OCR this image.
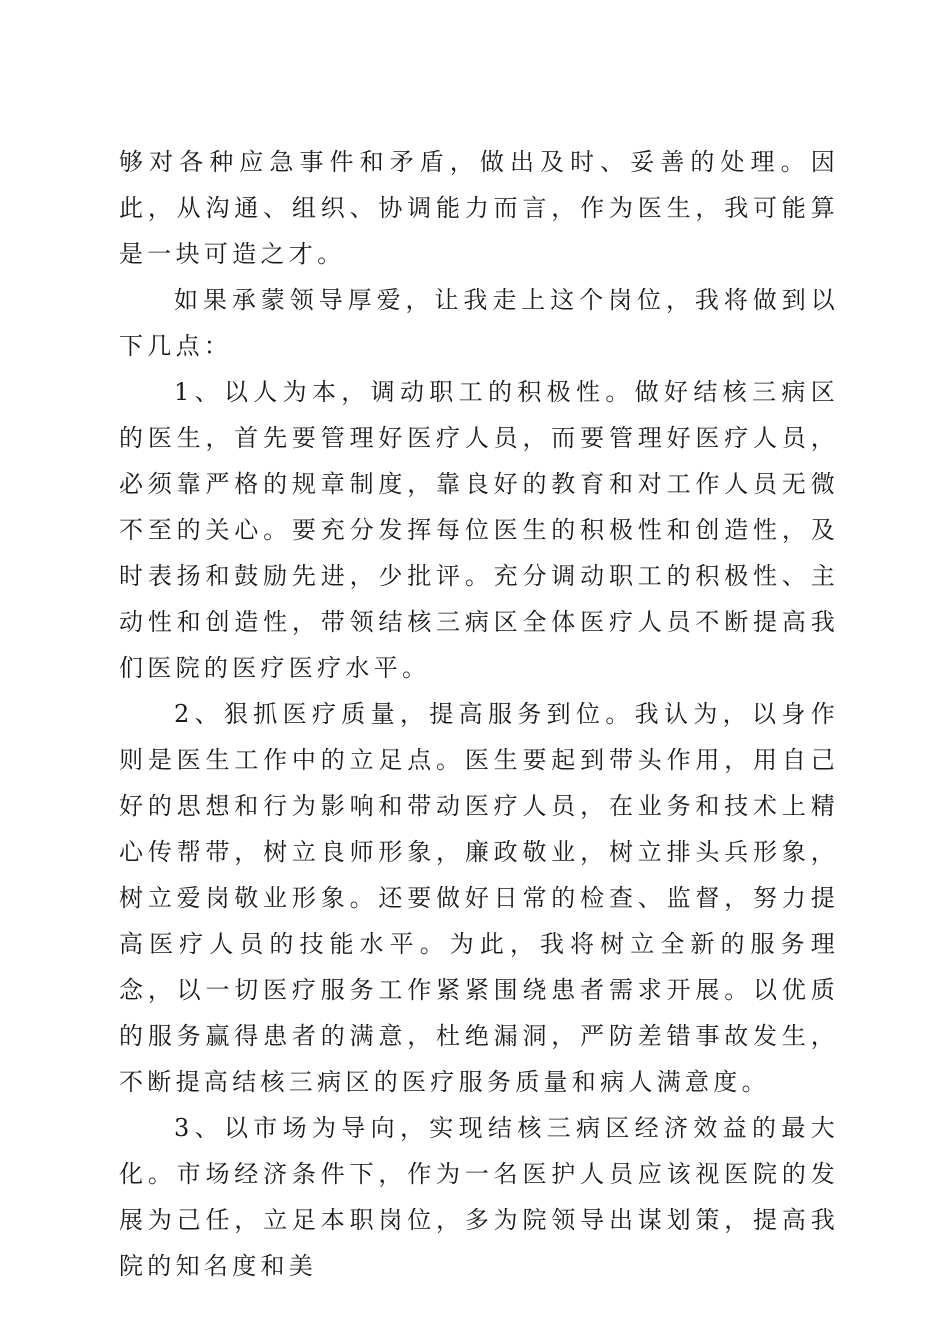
够对各种应急事件和矛盾，做出及时、妥善的处理。因此，从沟通、组织、协调能力而言，作为医生，我可能算是一块可造之才。

如果承蒙领导厚爱，让我走上这个岗位，我将做到以下几点：

1、以人为本，调动职工的积极性。做好结核三病区的医生，首先要管理好医疗人员，而要管理好医疗人员，必须靠严格的规章制度，靠良好的教育和对工作人员无微不至的关心。要充分发挥每位医生的积极性和创造性，及时表扬和鼓励先进，少批评。充分调动职工的积极性、主动性和创造性，带领结核三病区全体医疗人员不断提高我们医院的医疗医疗水平。

2、狠抓医疗质量，提高服务到位。我认为，以身作则是医生工作中的立足点。医生要起到带头作用，用自己好的思想和行为影响和带动医疗人员，在业务和技术上精心传帮带，树立良师形象，廉政敬业，树立排头兵形象，树立爱岗敬业形象。还要做好日常的检查、监督，努力提高医疗人员的技能水平。为此，我将树立全新的服务理念，以一切医疗服务工作紧紧围绕患者需求开展。以优质的服务赢得患者的满意，杜绝漏洞，严防差错事故发生，不断提高结核三病区的医疗服务质量和病人满意度。

3、以市场为导向，实现结核三病区经济效益的最大化。市场经济条件下，作为一名医护人员应该视医院的发展为己任，立足本职岗位，多为院领导出谋划策，提高我院的知名度和美
